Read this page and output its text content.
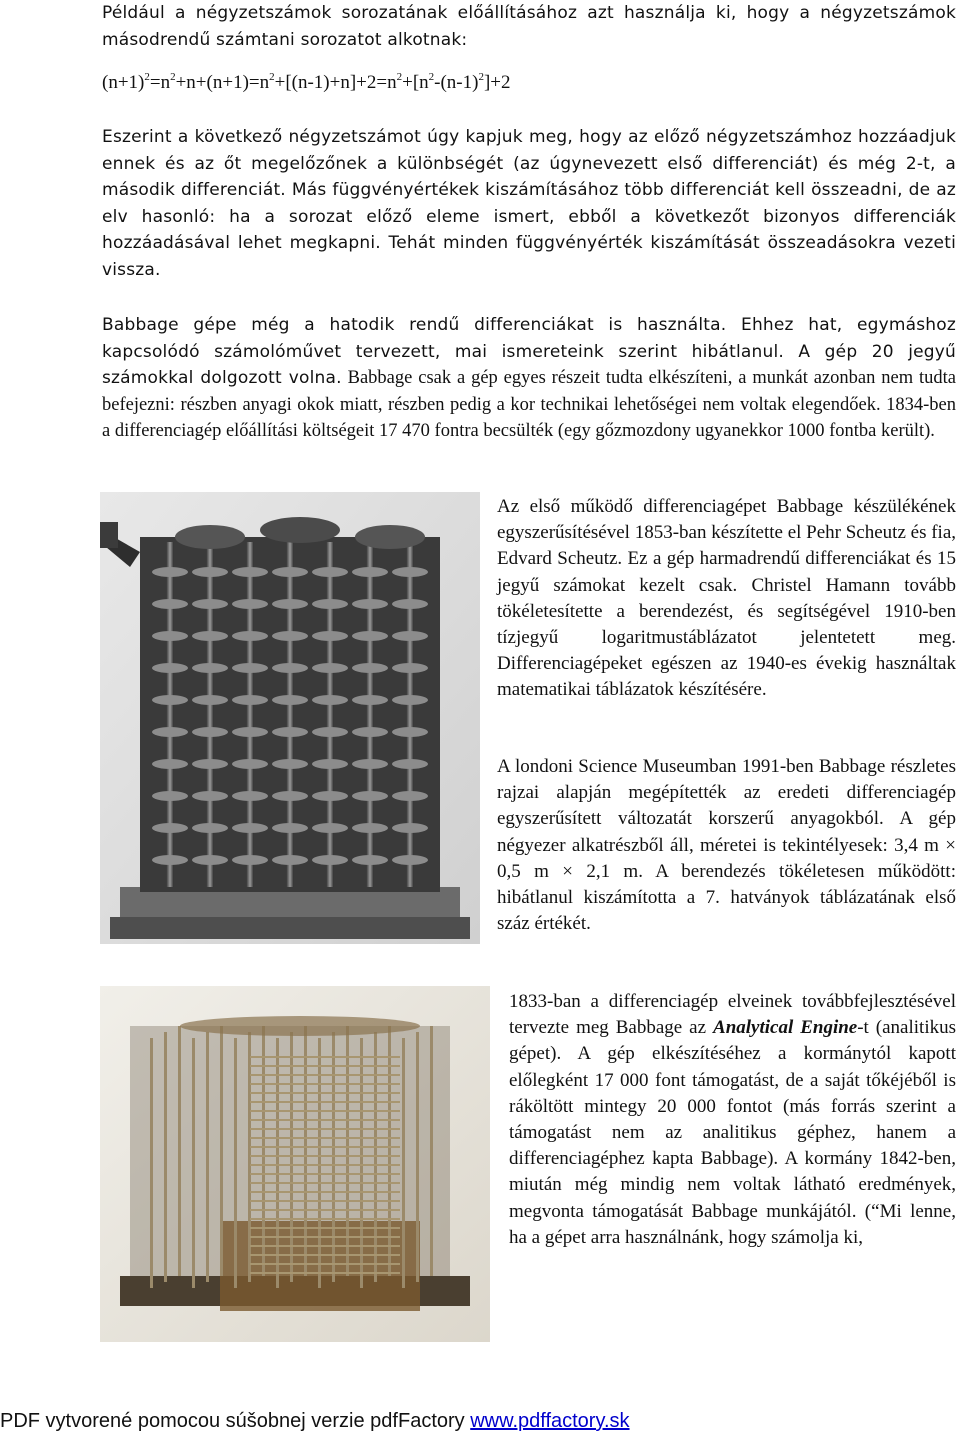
Például a négyzetszámok sorozatának előállításához azt használja ki, hogy a négyzetszámok másodrendű számtani sorozatot alkotnak:

$(n+1)^2=n^2+n+(n+1)=n^2+[(n-1)+n]+2=n^2+[n^2-(n-1)^2]+2$

Eszerint a következő négyzetszámot úgy kapjuk meg, hogy az előző négyzetszámhoz hozzáadjuk ennek és az őt megelőzőnek a különbségét (az úgynevezett első differenciát) és még 2-t, a második differenciát. Más függvényértékek kiszámításához több differenciát kell összeadni, de az elv hasonló: ha a sorozat előző eleme ismert, ebből a következőt bizonyos differenciák hozzáadásával lehet megkapni. Tehát minden függvényérték kiszámítását összeadásokra vezeti vissza.

Babbage gépe még a hatodik rendű differenciákat is használta. Ehhez hat, egymáshoz kapcsolódó számolóművet tervezett, mai ismereteink szerint hibátlanul. A gép 20 jegyű számokkal dolgozott volna. Babbage csak a gép egyes részeit tudta elkészíteni, a munkát azonban nem tudta befejezni: részben anyagi okok miatt, részben pedig a kor technikai lehetőségei nem voltak elegendőek. 1834-ben a differenciagép előállítási költségeit 17 470 fontra becsülték (egy gőzmozdony ugyanekkor 1000 fontba került).

Az első működő differenciagépet Babbage készülékének egyszerűsítésével 1853-ban készítette el Pehr Scheutz és fia, Edvard Scheutz. Ez a gép harmadrendű differenciákat és 15 jegyű számokat kezelt csak. Christel Hamann tovább tökéletesítette a berendezést, és segítségével 1910-ben tízjegyű logaritmustáblázatot jelentetett meg. Differenciagépeket egészen az 1940-es évekig használtak matematikai táblázatok készítésére.

A londoni Science Museumban 1991-ben Babbage részletes rajzai alapján megépítették az eredeti differenciagép egyszerűsített változatát korszerű anyagokból. A gép négyezer alkatrészből áll, méretei is tekintélyesek: 3,4 m × 0,5 m × 2,1 m. A berendezés tökéletesen működött: hibátlanul kiszámította a 7. hatványok táblázatának első száz értékét.

1833-ban a differenciagép elveinek továbbfejlesztésével tervezte meg Babbage az Analytical Engine-t (analitikus gépet). A gép elkészítéséhez a kormánytól kapott előlegként 17 000 font támogatást, de a saját tőkéjéből is ráköltött mintegy 20 000 fontot (más forrás szerint a támogatást nem az analitikus géphez, hanem a differenciagéphez kapta Babbage). A kormány 1842-ben, miután még mindig nem voltak látható eredmények, megvonta támogatását Babbage munkájától. (“Mi lenne, ha a gépet arra használnánk, hogy számolja ki,

PDF vytvorené pomocou súšobnej verzie pdfFactory www.pdffactory.sk
